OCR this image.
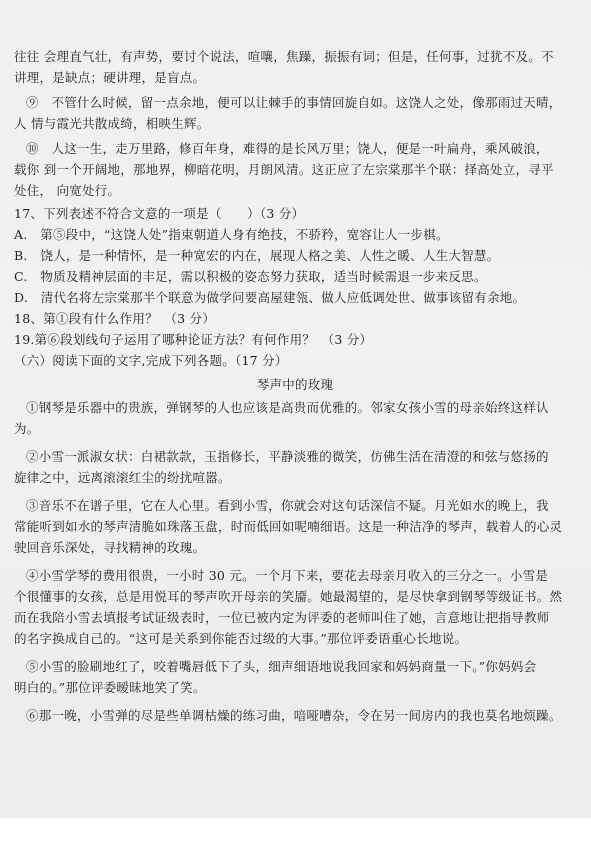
往往 会理直气壮，有声势，要讨个说法，喧嚷，焦躁，振振有词；但是，任何事，过犹不及。不
讲理，是缺点；硬讲理，是盲点。
⑨　不管什么时候，留一点余地，便可以让棘手的事情回旋自如。这饶人之处，像那雨过天晴，
人 情与霞光共散成绮，相映生辉。
⑩　人这一生，走万里路，修百年身，难得的是长风万里；饶人，便是一叶扁舟，乘风破浪，
载你 到一个开阔地，那地界，柳暗花明，月朗风清。这正应了左宗棠那半个联：择高处立，寻平
处住， 向宽处行。
17、下列表述不符合文意的一项是（　　）（3 分）
A.　第⑤段中，“这饶人处”指束朝道人身有绝技，不骄矜，宽容让人一步棋。
B.　饶人，是一种情怀，是一种宽宏的内在，展现人格之美、人性之暖、人生大智慧。
C.　物质及精神层面的丰足，需以积极的姿态努力获取，适当时候需退一步来反思。
D.　清代名将左宗棠那半个联意为做学问要高屋建瓴、做人应低调处世、做事该留有余地。
18、第①段有什么作用？　（3 分）
19.第⑥段划线句子运用了哪种论证方法？有何作用？　（3 分）
（六）阅读下面的文字,完成下列各题。（17 分）
琴声中的玫瑰
①钢琴是乐器中的贵族，弹钢琴的人也应该是高贵而优雅的。邻家女孩小雪的母亲始终这样认
为。
②小雪一派淑女状：白裙款款，玉指修长，平静淡雅的微笑，仿佛生活在清澄的和弦与悠扬的
旋律之中，远离滚滚红尘的纷扰喧嚣。
③音乐不在谱子里，它在人心里。看到小雪，你就会对这句话深信不疑。月光如水的晚上，我
常能听到如水的琴声清脆如珠落玉盘，时而低回如呢喃细语。这是一种洁净的琴声，载着人的心灵
驶回音乐深处，寻找精神的玫瑰。
④小雪学琴的费用很贵，一小时 30 元。一个月下来，要花去母亲月收入的三分之一。小雪是
个很懂事的女孩，总是用悦耳的琴声吹开母亲的笑靥。她最渴望的，是尽快拿到钢琴等级证书。然
而在我陪小雪去填报考试证级表时，一位已被内定为评委的老师叫住了她，言意地让把指导教师
的名字换成自己的。“这可是关系到你能否过级的大事。”那位评委语重心长地说。
⑤小雪的脸刷地红了，咬着嘴唇低下了头，细声细语地说我回家和妈妈商量一下。”你妈妈会
明白的。”那位评委暧昧地笑了笑。
⑥那一晚，小雪弹的尽是些单调枯燥的练习曲，喑哑嘈杂，令在另一间房内的我也莫名地烦躁。
